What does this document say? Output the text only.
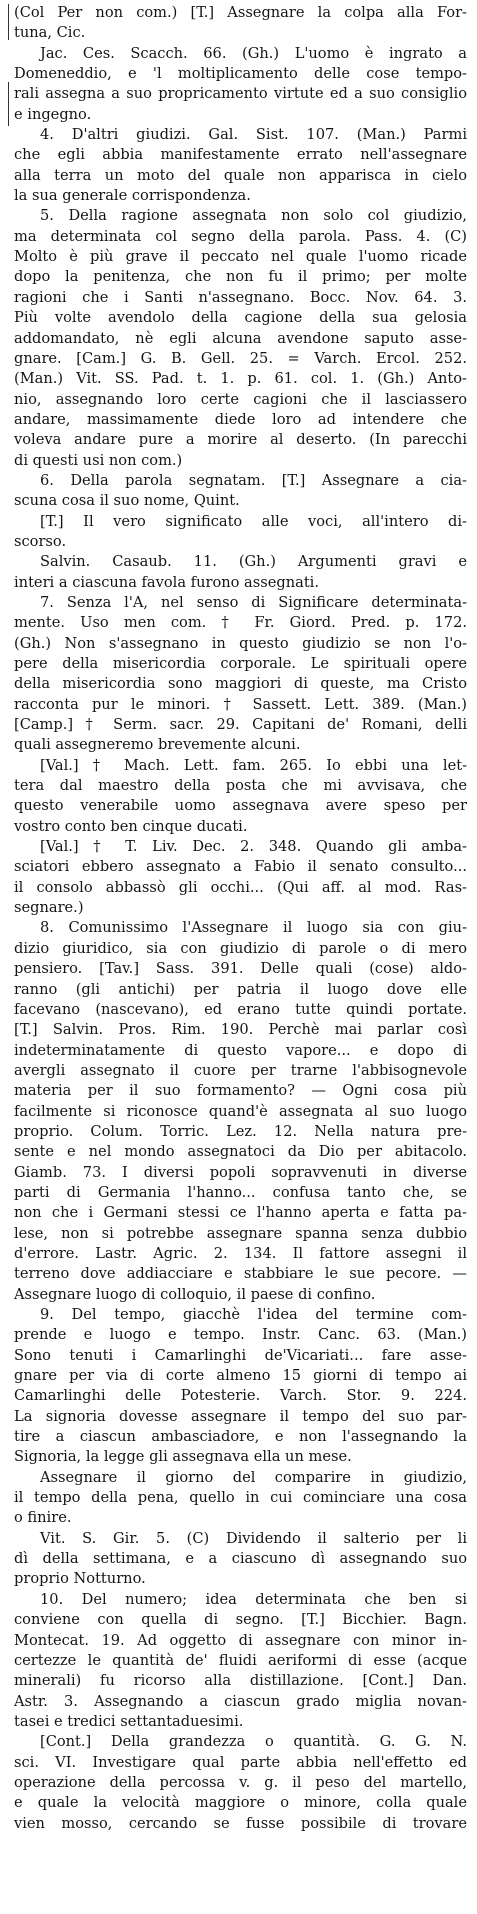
(Col Per non com.) [T.] Assegnare la colpa alla For-
tuna, Cic.
Jac. Ces. Scacch. 66. (Gh.) L'uomo è ingrato a
Domeneddio, e 'l moltiplicamento delle cose tempo-
rali assegna a suo propricamento virtute ed a suo consiglio
e ingegno.
4. D'altri giudizi. Gal. Sist. 107. (Man.) Parmi
che egli abbia manifestamente errato nell'assegnare
alla terra un moto del quale non apparisca in cielo
la sua generale corrispondenza.
5. Della ragione assegnata non solo col giudizio,
ma determinata col segno della parola. Pass. 4. (C)
Molto è più grave il peccato nel quale l'uomo ricade
dopo la penitenza, che non fu il primo; per molte
ragioni che i Santi n'assegnano. Bocc. Nov. 64. 3.
Più volte avendolo della cagione della sua gelosia
addomandato, nè egli alcuna avendone saputo asse-
gnare. [Cam.] G. B. Gell. 25. = Varch. Ercol. 252.
(Man.) Vit. SS. Pad. t. 1. p. 61. col. 1. (Gh.) Anto-
nio, assegnando loro certe cagioni che il lasciassero
andare, massimamente diede loro ad intendere che
voleva andare pure a morire al deserto. (In parecchi
di questi usi non com.)
6. Della parola segnatam. [T.] Assegnare a cia-
scuna cosa il suo nome, Quint.
[T.] Il vero significato alle voci, all'intero di-
scorso.
Salvin. Casaub. 11. (Gh.) Argumenti gravi e
interi a ciascuna favola furono assegnati.
7. Senza l'A, nel senso di Significare determinata-
mente. Uso men com. † Fr. Giord. Pred. p. 172.
(Gh.) Non s'assegnano in questo giudizio se non l'o-
pere della misericordia corporale. Le spirituali opere
della misericordia sono maggiori di queste, ma Cristo
racconta pur le minori. † Sassett. Lett. 389. (Man.)
[Camp.] † Serm. sacr. 29. Capitani de' Romani, delli
quali assegneremo brevemente alcuni.
[Val.] † Mach. Lett. fam. 265. Io ebbi una let-
tera dal maestro della posta che mi avvisava, che
questo venerabile uomo assegnava avere speso per
vostro conto ben cinque ducati.
[Val.] † T. Liv. Dec. 2. 348. Quando gli amba-
sciatori ebbero assegnato a Fabio il senato consulto...
il consolo abbassò gli occhi... (Qui aff. al mod. Ras-
segnare.)
8. Comunissimo l'Assegnare il luogo sia con giu-
dizio giuridico, sia con giudizio di parole o di mero
pensiero. [Tav.] Sass. 391. Delle quali (cose) aldo-
ranno (gli antichi) per patria il luogo dove elle
facevano (nascevano), ed erano tutte quindi portate.
[T.] Salvin. Pros. Rim. 190. Perchè mai parlar così
indeterminatamente di questo vapore... e dopo di
avergli assegnato il cuore per trarne l'abbisognevole
materia per il suo formamento? — Ogni cosa più
facilmente si riconosce quand'è assegnata al suo luogo
proprio. Colum. Torric. Lez. 12. Nella natura pre-
sente e nel mondo assegnatoci da Dio per abitacolo.
Giamb. 73. I diversi popoli sopravvenuti in diverse
parti di Germania l'hanno... confusa tanto che, se
non che i Germani stessi ce l'hanno aperta e fatta pa-
lese, non si potrebbe assegnare spanna senza dubbio
d'errore. Lastr. Agric. 2. 134. Il fattore assegni il
terreno dove addiacciare e stabbiare le sue pecore. —
Assegnare luogo di colloquio, il paese di confino.
9. Del tempo, giacchè l'idea del termine com-
prende e luogo e tempo. Instr. Canc. 63. (Man.)
Sono tenuti i Camarlinghi de'Vicariati... fare asse-
gnare per via di corte almeno 15 giorni di tempo ai
Camarlinghi delle Potesterie. Varch. Stor. 9. 224.
La signoria dovesse assegnare il tempo del suo par-
tire a ciascun ambasciadore, e non l'assegnando la
Signoria, la legge gli assegnava ella un mese.
Assegnare il giorno del comparire in giudizio,
il tempo della pena, quello in cui cominciare una cosa
o finire.
Vit. S. Gir. 5. (C) Dividendo il salterio per li
dì della settimana, e a ciascuno dì assegnando suo
proprio Notturno.
10. Del numero; idea determinata che ben si
conviene con quella di segno. [T.] Bicchier. Bagn.
Montecat. 19. Ad oggetto di assegnare con minor in-
certezze le quantità de' fluidi aeriformi di esse (acque
minerali) fu ricorso alla distillazione. [Cont.] Dan.
Astr. 3. Assegnando a ciascun grado miglia novan-
tasei e tredici settantaduesimi.
[Cont.] Della grandezza o quantità. G. G. N.
sci. VI. Investigare qual parte abbia nell'effetto ed
operazione della percossa v. g. il peso del martello,
e quale la velocità maggiore o minore, colla quale
vien mosso, cercando se fusse possibile di trovare
